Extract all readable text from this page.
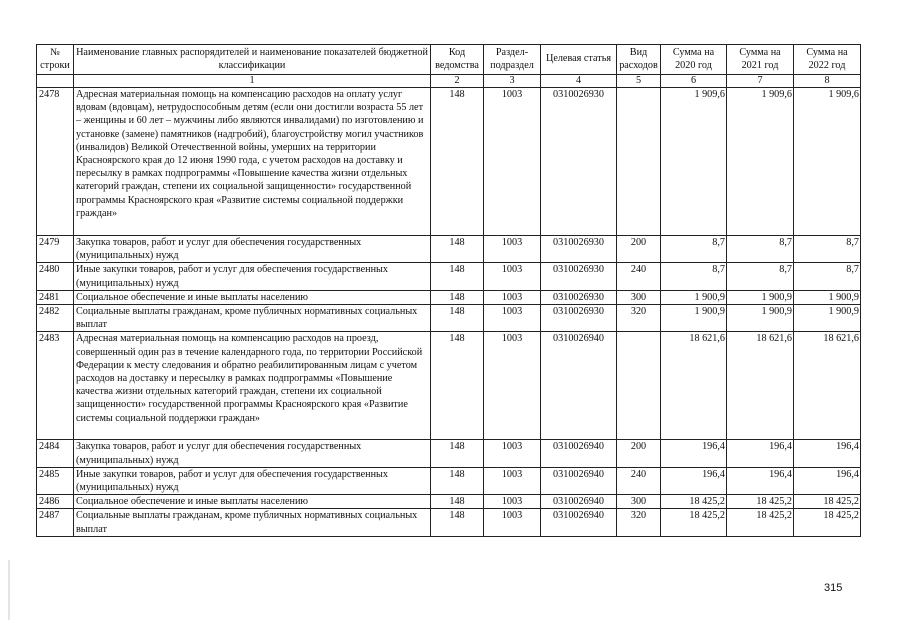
№ строки	Наименование главных распорядителей и наименование показателей бюджетной классификации	Код ведомства	Раздел-подраздел	Целевая статья	Вид расходов	Сумма на 2020 год	Сумма на 2021 год	Сумма на 2022 год
	1	2	3	4	5	6	7	8
2478	Адресная материальная помощь на компенсацию расходов на оплату услуг вдовам (вдовцам), нетрудоспособным детям (если они достигли возраста 55 лет – женщины и 60 лет – мужчины либо являются инвалидами) по изготовлению и установке (замене) памятников (надгробий), благоустройству могил участников (инвалидов) Великой Отечественной войны, умерших на территории Красноярского края до 12 июня 1990 года, с учетом расходов на доставку и пересылку в рамках подпрограммы «Повышение качества жизни отдельных категорий граждан, степени их социальной защищенности» государственной программы Красноярского края «Развитие системы социальной поддержки граждан»	148	1003	0310026930		1 909,6	1 909,6	1 909,6
2479	Закупка товаров, работ и услуг для обеспечения государственных (муниципальных) нужд	148	1003	0310026930	200	8,7	8,7	8,7
2480	Иные закупки товаров, работ и услуг для обеспечения государственных (муниципальных) нужд	148	1003	0310026930	240	8,7	8,7	8,7
2481	Социальное обеспечение и иные выплаты населению	148	1003	0310026930	300	1 900,9	1 900,9	1 900,9
2482	Социальные выплаты гражданам, кроме публичных нормативных социальных выплат	148	1003	0310026930	320	1 900,9	1 900,9	1 900,9
2483	Адресная материальная помощь на компенсацию расходов на проезд, совершенный один раз в течение календарного года, по территории Российской Федерации к месту следования и обратно реабилитированным лицам с учетом расходов на доставку и пересылку в рамках подпрограммы «Повышение качества жизни отдельных категорий граждан, степени их социальной защищенности» государственной программы Красноярского края «Развитие системы социальной поддержки граждан»	148	1003	0310026940		18 621,6	18 621,6	18 621,6
2484	Закупка товаров, работ и услуг для обеспечения государственных (муниципальных) нужд	148	1003	0310026940	200	196,4	196,4	196,4
2485	Иные закупки товаров, работ и услуг для обеспечения государственных (муниципальных) нужд	148	1003	0310026940	240	196,4	196,4	196,4
2486	Социальное обеспечение и иные выплаты населению	148	1003	0310026940	300	18 425,2	18 425,2	18 425,2
2487	Социальные выплаты гражданам, кроме публичных нормативных социальных выплат	148	1003	0310026940	320	18 425,2	18 425,2	18 425,2
315
